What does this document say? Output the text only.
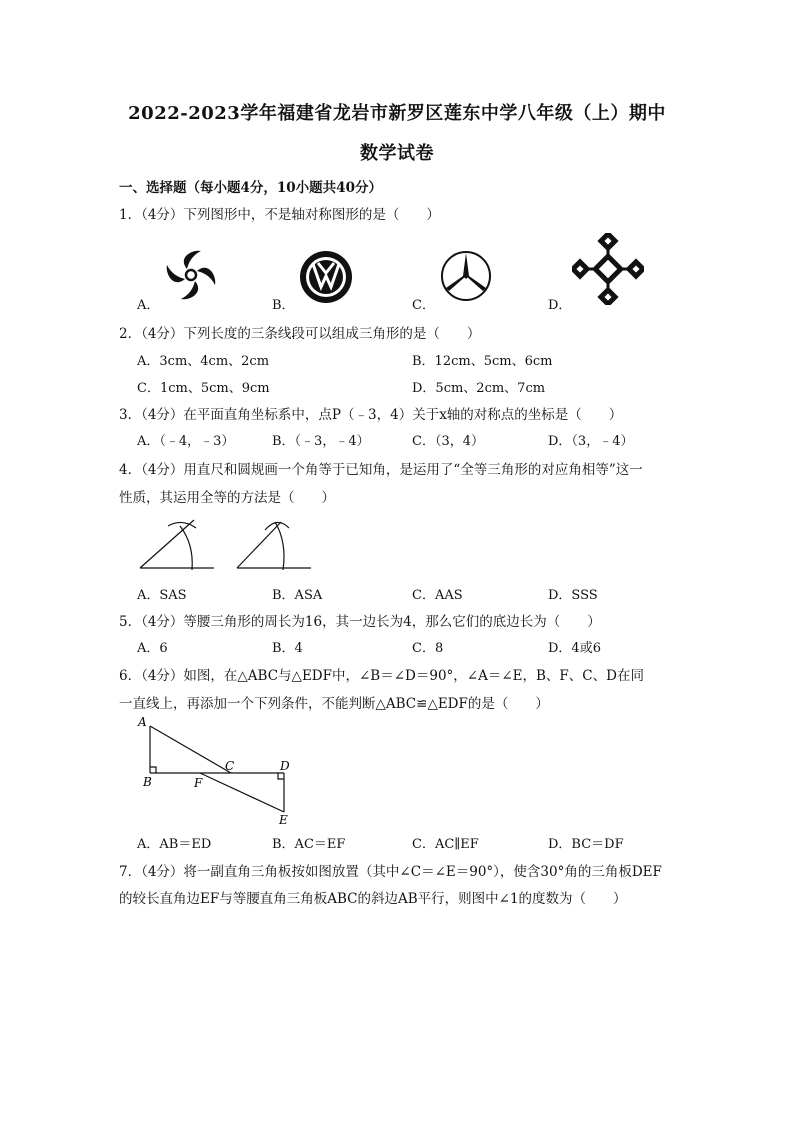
2022-2023学年福建省龙岩市新罗区莲东中学八年级（上）期中
数学试卷
一、选择题（每小题4分，10小题共40分）
1．（4分）下列图形中，不是轴对称图形的是（　　）
A．	B．	C．	D．
2．（4分）下列长度的三条线段可以组成三角形的是（　　）
A．3cm、4cm、2cm	B．12cm、5cm、6cm
C．1cm、5cm、9cm	D．5cm、2cm、7cm
3．（4分）在平面直角坐标系中，点P（﹣3，4）关于x轴的对称点的坐标是（　　）
A．（﹣4，﹣3）	B．（﹣3，﹣4）	C．（3，4）	D．（3，﹣4）
4．（4分）用直尺和圆规画一个角等于已知角，是运用了“全等三角形的对应角相等”这一
性质，其运用全等的方法是（　　）
A．SAS	B．ASA	C．AAS	D．SSS
5．（4分）等腰三角形的周长为16，其一边长为4，那么它们的底边长为（　　）
A．6	B．4	C．8	D．4或6
6．（4分）如图，在△ABC与△EDF中，∠B＝∠D＝90°，∠A＝∠E，B、F、C、D在同
一直线上，再添加一个下列条件，不能判断△ABC≌△EDF的是（　　）
A
B
C	D
E
F
A．AB＝ED	B．AC＝EF	C．AC∥EF	D．BC＝DF
7．（4分）将一副直角三角板按如图放置（其中∠C＝∠E＝90°），使含30°角的三角板DEF
的较长直角边EF与等腰直角三角板ABC的斜边AB平行，则图中∠1的度数为（　　）
